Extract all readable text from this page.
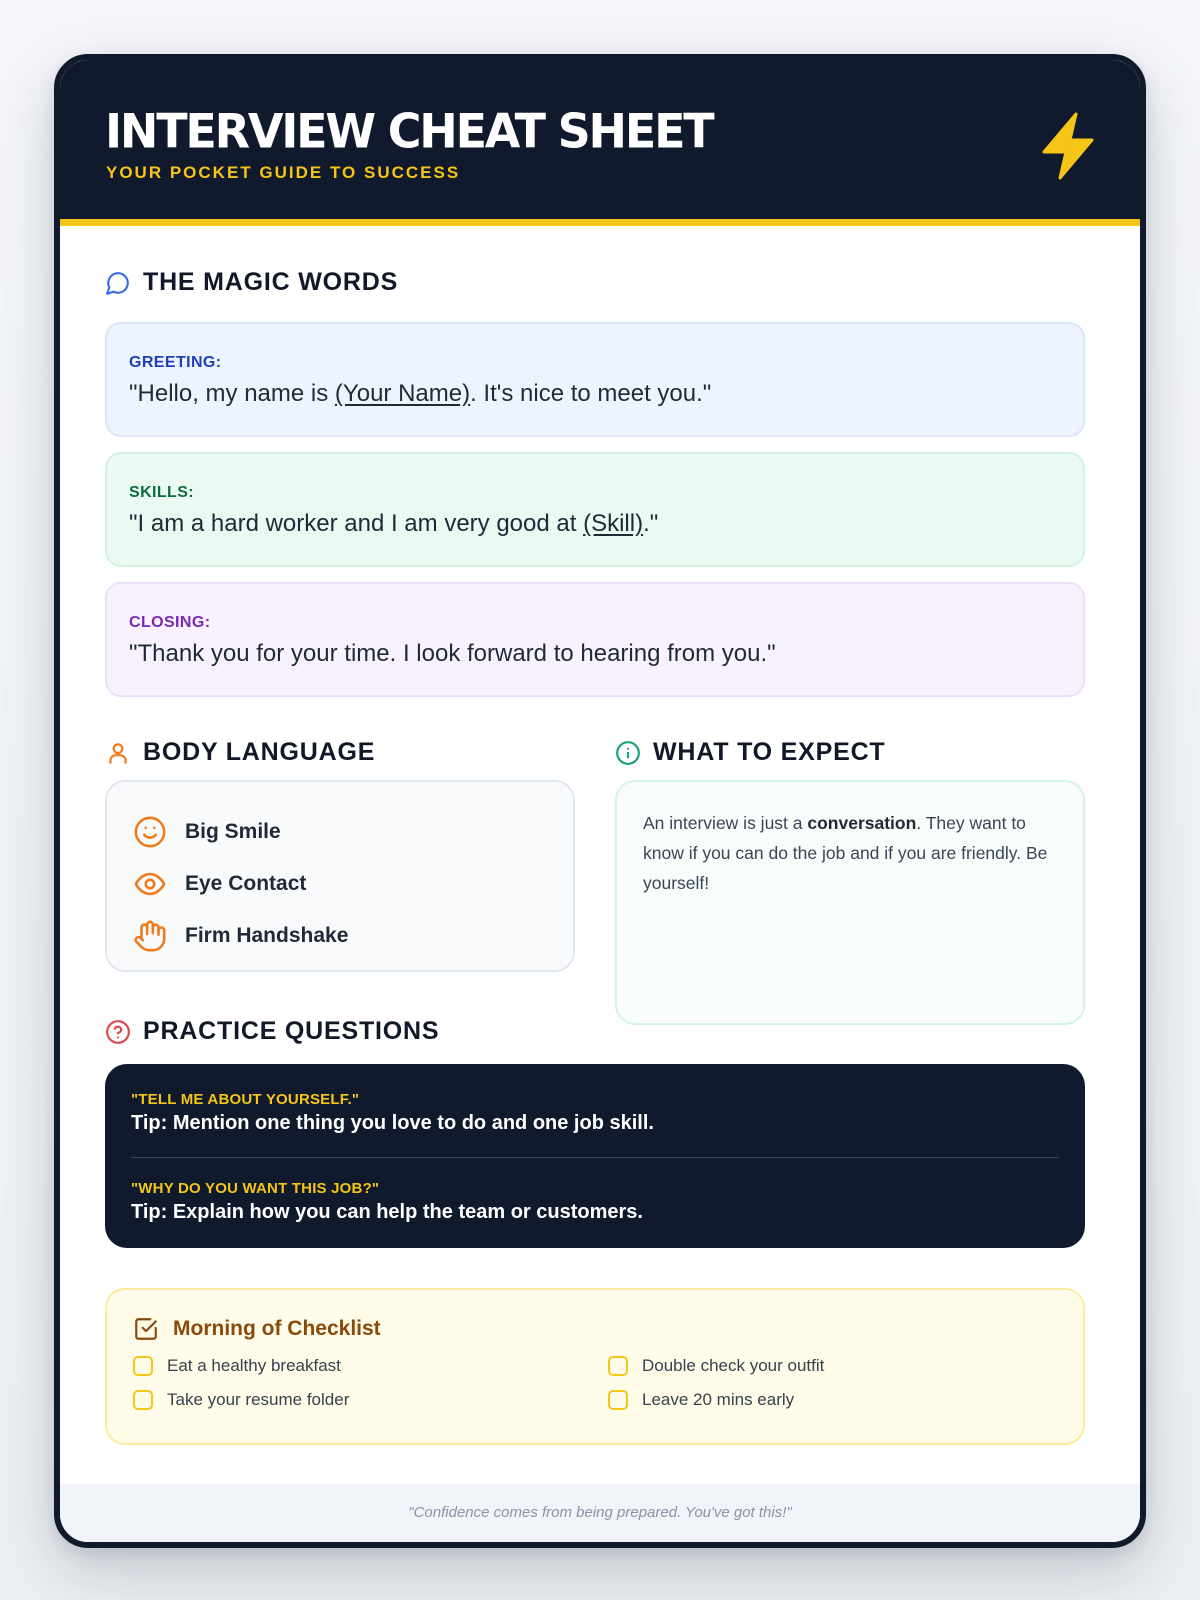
INTERVIEW CHEAT SHEET
YOUR POCKET GUIDE TO SUCCESS
THE MAGIC WORDS
GREETING:
"Hello, my name is (Your Name). It's nice to meet you."
SKILLS:
"I am a hard worker and I am very good at (Skill)."
CLOSING:
"Thank you for your time. I look forward to hearing from you."
BODY LANGUAGE
Big Smile
Eye Contact
Firm Handshake
WHAT TO EXPECT
An interview is just a conversation. They want to know if you can do the job and if you are friendly. Be yourself!
PRACTICE QUESTIONS
"TELL ME ABOUT YOURSELF."
Tip: Mention one thing you love to do and one job skill.
"WHY DO YOU WANT THIS JOB?"
Tip: Explain how you can help the team or customers.
Morning of Checklist
Eat a healthy breakfast	Double check your outfit
Take your resume folder	Leave 20 mins early
"Confidence comes from being prepared. You've got this!"
